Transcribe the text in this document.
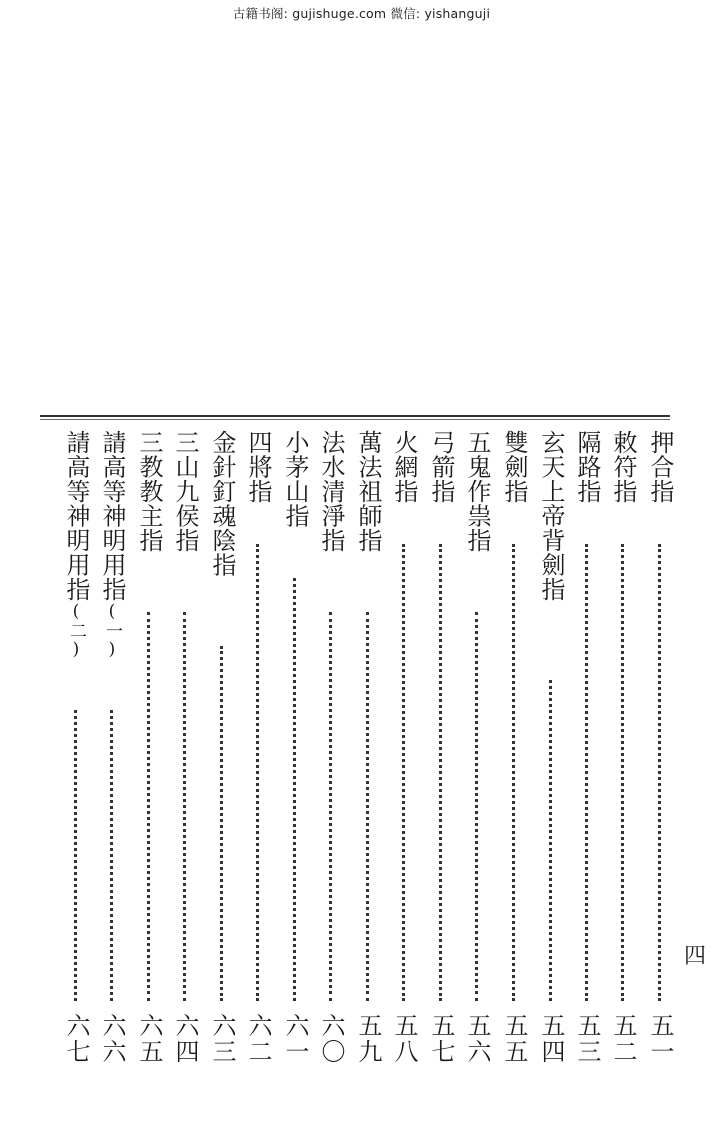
古籍书阁: gujishuge.com 微信: yishanguji
押合指
五一
敕符指
五二
隔路指
五三
玄天上帝背劍指
五四
雙劍指
五五
五鬼作祟指
五六
弓箭指
五七
火網指
五八
萬法祖師指
五九
法水清淨指
六〇
小茅山指
六一
四將指
六二
金針釘魂陰指
六三
三山九侯指
六四
三教教主指
六五
請高等神明用指(一)
六六
請高等神明用指(二)
六七
四
